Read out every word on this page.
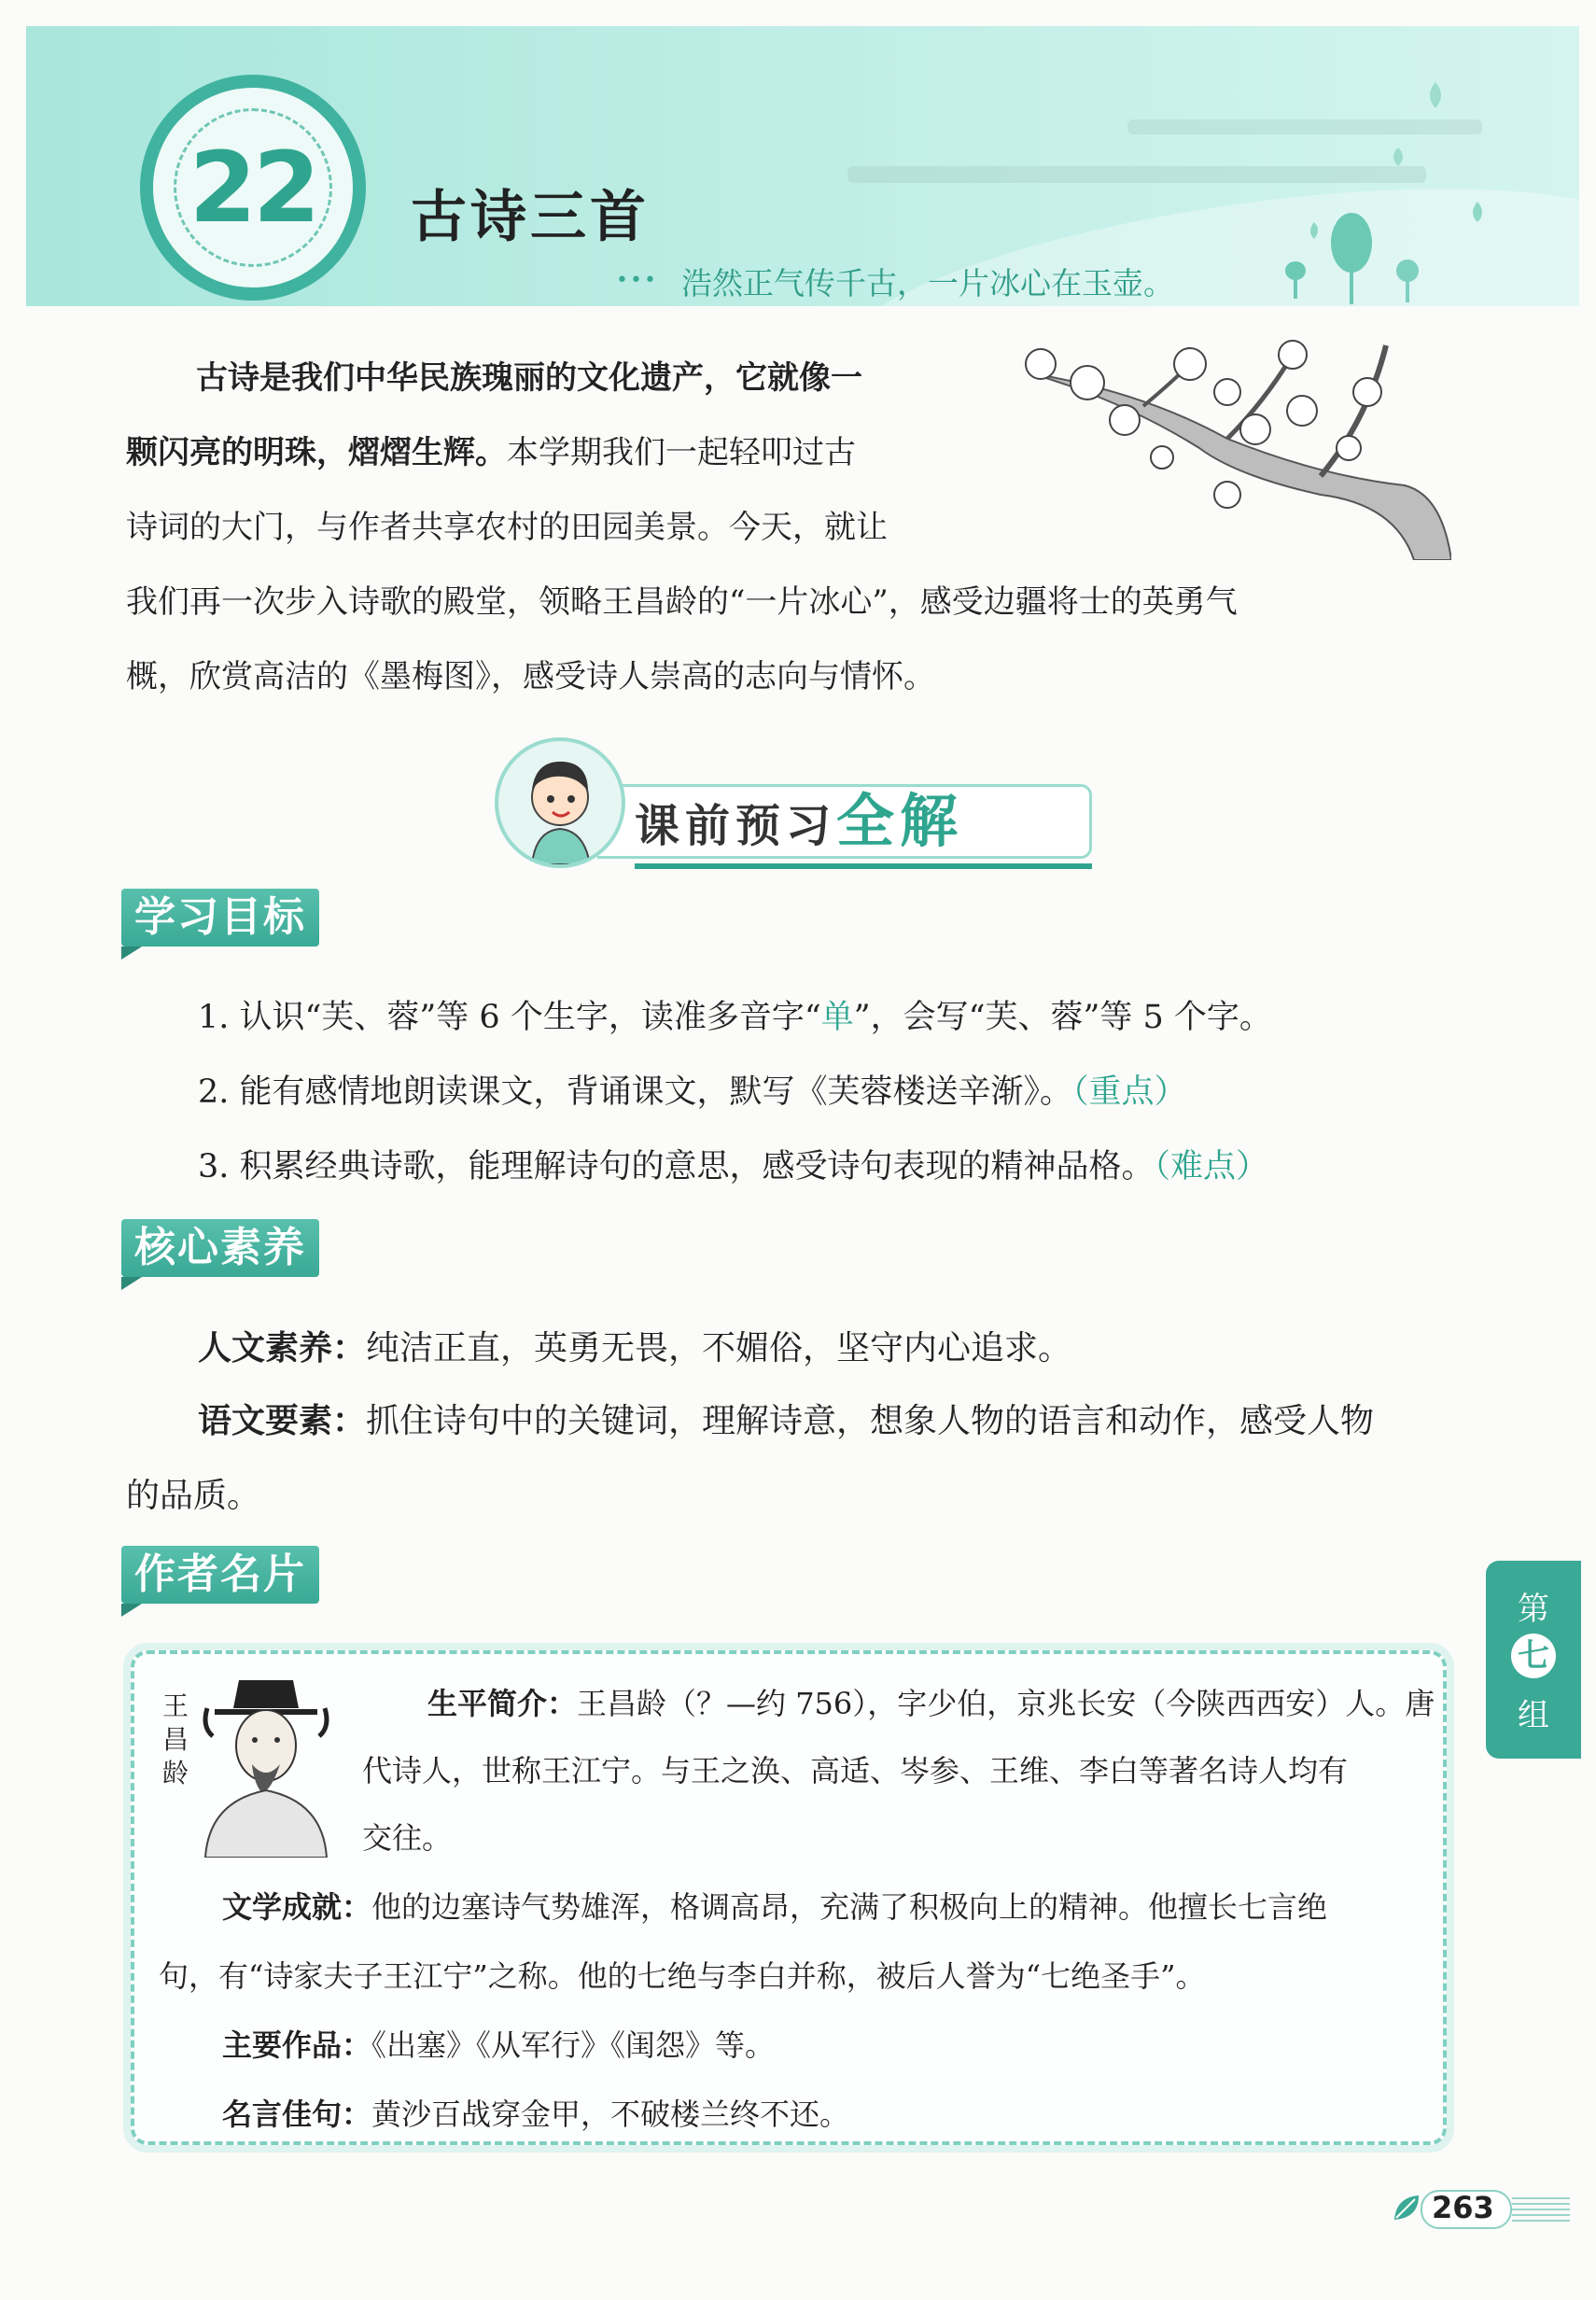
22 古诗三首
••• 浩然正气传千古，一片冰心在玉壶。
古诗是我们中华民族瑰丽的文化遗产，它就像一
颗闪亮的明珠，熠熠生辉。本学期我们一起轻叩过古
诗词的大门，与作者共享农村的田园美景。今天，就让
我们再一次步入诗歌的殿堂，领略王昌龄的“一片冰心”，感受边疆将士的英勇气
概，欣赏高洁的《墨梅图》，感受诗人崇高的志向与情怀。
课前预习全解
学习目标
1. 认识“芙、蓉”等 6 个生字，读准多音字“单”，会写“芙、蓉”等 5 个字。
2. 能有感情地朗读课文，背诵课文，默写《芙蓉楼送辛渐》。（重点）
3. 积累经典诗歌，能理解诗句的意思，感受诗句表现的精神品格。（难点）
核心素养
人文素养：纯洁正直，英勇无畏，不媚俗，坚守内心追求。
语文要素：抓住诗句中的关键词，理解诗意，想象人物的语言和动作，感受人物
的品质。
作者名片
王
昌
龄
生平简介：王昌龄（？—约 756），字少伯，京兆长安（今陕西西安）人。唐
代诗人，世称王江宁。与王之涣、高适、岑参、王维、李白等著名诗人均有
交往。
文学成就：他的边塞诗气势雄浑，格调高昂，充满了积极向上的精神。他擅长七言绝
句，有“诗家夫子王江宁”之称。他的七绝与李白并称，被后人誉为“七绝圣手”。
主要作品：《出塞》《从军行》《闺怨》等。
名言佳句：黄沙百战穿金甲，不破楼兰终不还。
第
七
组
263
